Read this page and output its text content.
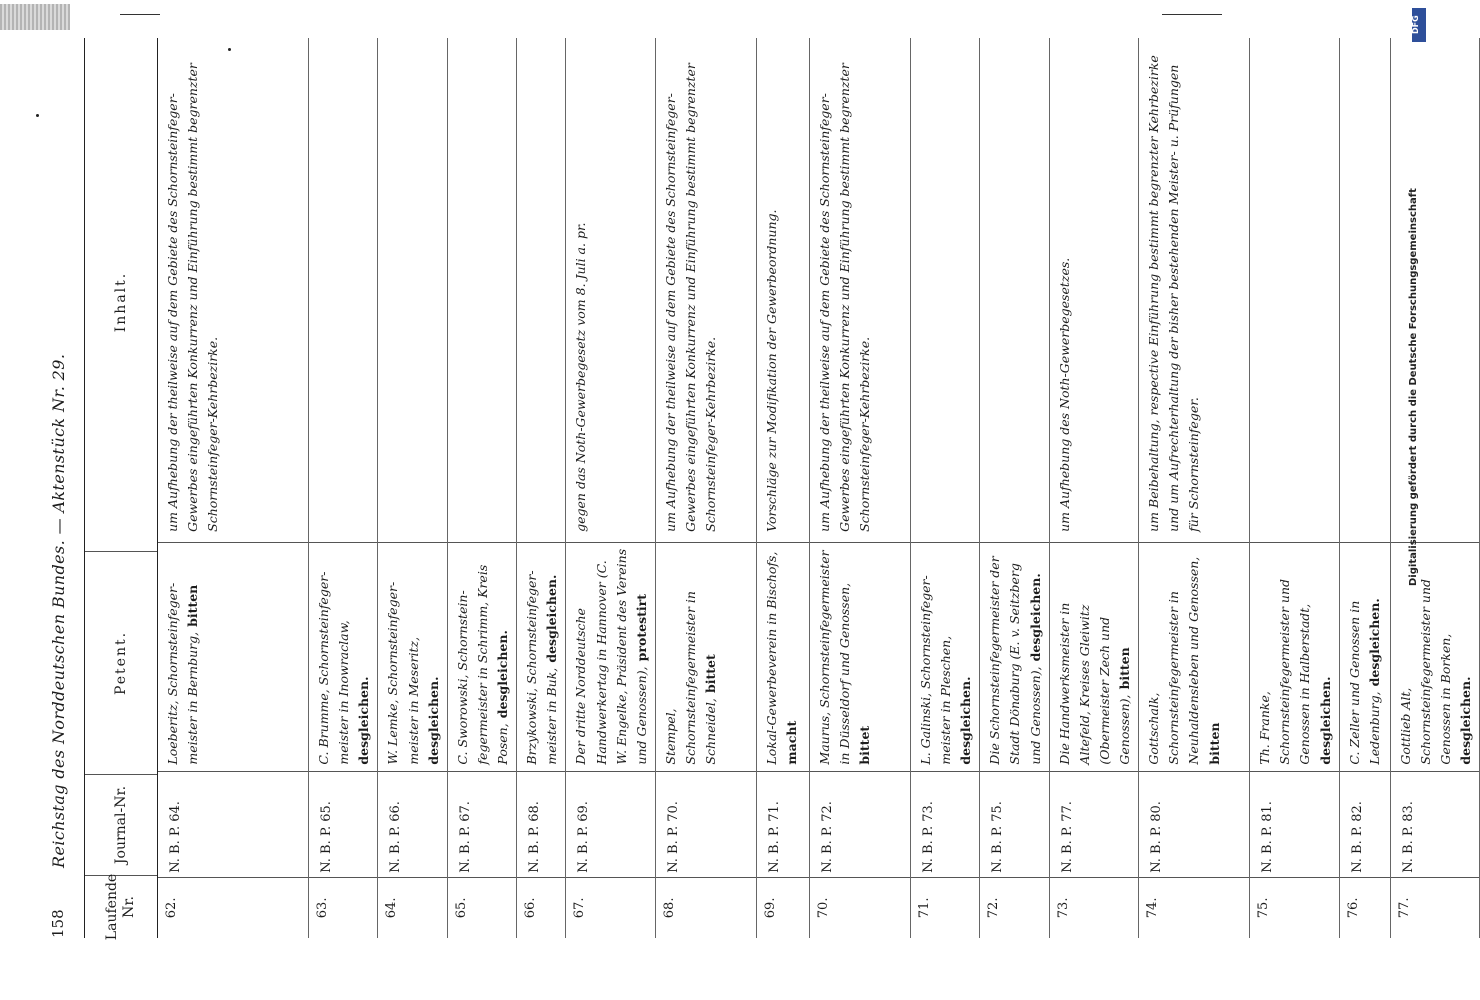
158
Reichstag des Norddeutschen Bundes. — Aktenstück Nr. 29.
Laufende Nr.
Journal-Nr.
Petent.
Inhalt.
62.
N. B. P. 64.
Loeberitz, Schornsteinfeger-meister in Bernburg, bitten
um Aufhebung der theilweise auf dem Gebiete des Schornsteinfeger-Gewerbes eingeführten Konkurrenz und Einführung bestimmt begrenzter Schornsteinfeger-Kehrbezirke.
63.
N. B. P. 65.
C. Brumme, Schornsteinfeger-meister in Inowraclaw, desgleichen.
64.
N. B. P. 66.
W. Lemke, Schornsteinfeger-meister in Meseritz, desgleichen.
65.
N. B. P. 67.
C. Sworowski, Schornstein-fegermeister in Schrimm, Kreis Posen, desgleichen.
66.
N. B. P. 68.
Brzykowski, Schornsteinfeger-meister in Buk, desgleichen.
67.
N. B. P. 69.
Der dritte Norddeutsche Handwerkertag in Hannover (C. W. Engelke, Präsident des Vereins und Genossen), protestirt
gegen das Noth-Gewerbegesetz vom 8. Juli a. pr.
68.
N. B. P. 70.
Stempel, Schornsteinfegermeister in Schneidel, bittet
um Aufhebung der theilweise auf dem Gebiete des Schornsteinfeger-Gewerbes eingeführten Konkurrenz und Einführung bestimmt begrenzter Schornsteinfeger-Kehrbezirke.
69.
N. B. P. 71.
Lokal-Gewerbeverein in Bischofs, macht
Vorschläge zur Modifikation der Gewerbeordnung.
70.
N. B. P. 72.
Maurus, Schornsteinfegermeister in Düsseldorf und Genossen, bittet
um Aufhebung der theilweise auf dem Gebiete des Schornsteinfeger-Gewerbes eingeführten Konkurrenz und Einführung bestimmt begrenzter Schornsteinfeger-Kehrbezirke.
71.
N. B. P. 73.
L. Galinski, Schornsteinfeger-meister in Pleschen, desgleichen.
72.
N. B. P. 75.
Die Schornsteinfegermeister der Stadt Dönaburg (E. v. Seitzberg und Genossen), desgleichen.
73.
N. B. P. 77.
Die Handwerksmeister in Altefeld, Kreises Gleiwitz (Obermeister Zech und Genossen), bitten
um Aufhebung des Noth-Gewerbegesetzes.
74.
N. B. P. 80.
Gottschalk, Schornsteinfegermeister in Neuhaldensleben und Genossen, bitten
um Beibehaltung, respective Einführung bestimmt begrenzter Kehrbezirke und um Aufrechterhaltung der bisher bestehenden Meister- u. Prüfungen für Schornsteinfeger.
75.
N. B. P. 81.
Th. Franke, Schornsteinfegermeister und Genossen in Halberstadt, desgleichen.
76.
N. B. P. 82.
C. Zeller und Genossen in Ledenburg, desgleichen.
77.
N. B. P. 83.
Gottlieb Alt, Schornsteinfegermeister und Genossen in Borken, desgleichen.
DFG
Digitalisierung gefördert durch die Deutsche Forschungsgemeinschaft
